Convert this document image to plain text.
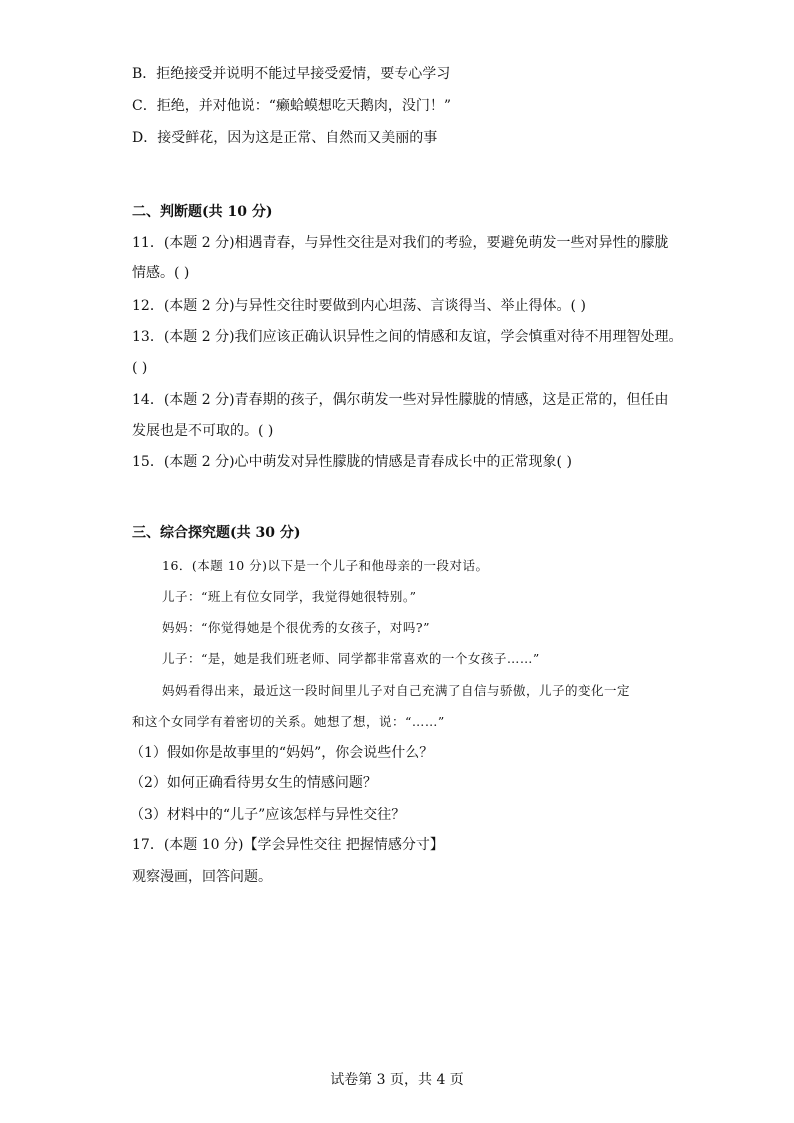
B．拒绝接受并说明不能过早接受爱情，要专心学习
C．拒绝，并对他说：“癞蛤蟆想吃天鹅肉，没门！”
D．接受鲜花，因为这是正常、自然而又美丽的事
二、判断题(共 10 分)
11．(本题 2 分)相遇青春，与异性交往是对我们的考验，要避免萌发一些对异性的朦胧
情感。( )
12．(本题 2 分)与异性交往时要做到内心坦荡、言谈得当、举止得体。( )
13．(本题 2 分)我们应该正确认识异性之间的情感和友谊，学会慎重对待不用理智处理。
( )
14．(本题 2 分)青春期的孩子，偶尔萌发一些对异性朦胧的情感，这是正常的，但任由
发展也是不可取的。( )
15．(本题 2 分)心中萌发对异性朦胧的情感是青春成长中的正常现象( )
三、综合探究题(共 30 分)
16．(本题 10 分)以下是一个儿子和他母亲的一段对话。
儿子：“班上有位女同学，我觉得她很特别。”
妈妈：“你觉得她是个很优秀的女孩子，对吗?”
儿子：“是，她是我们班老师、同学都非常喜欢的一个女孩子……”
妈妈看得出来，最近这一段时间里儿子对自己充满了自信与骄傲，儿子的变化一定
和这个女同学有着密切的关系。她想了想，说：“……”
（1）假如你是故事里的“妈妈”，你会说些什么？
（2）如何正确看待男女生的情感问题？
（3）材料中的“儿子”应该怎样与异性交往？
17．(本题 10 分)【学会异性交往 把握情感分寸】
观察漫画，回答问题。
试卷第 3 页，共 4 页
